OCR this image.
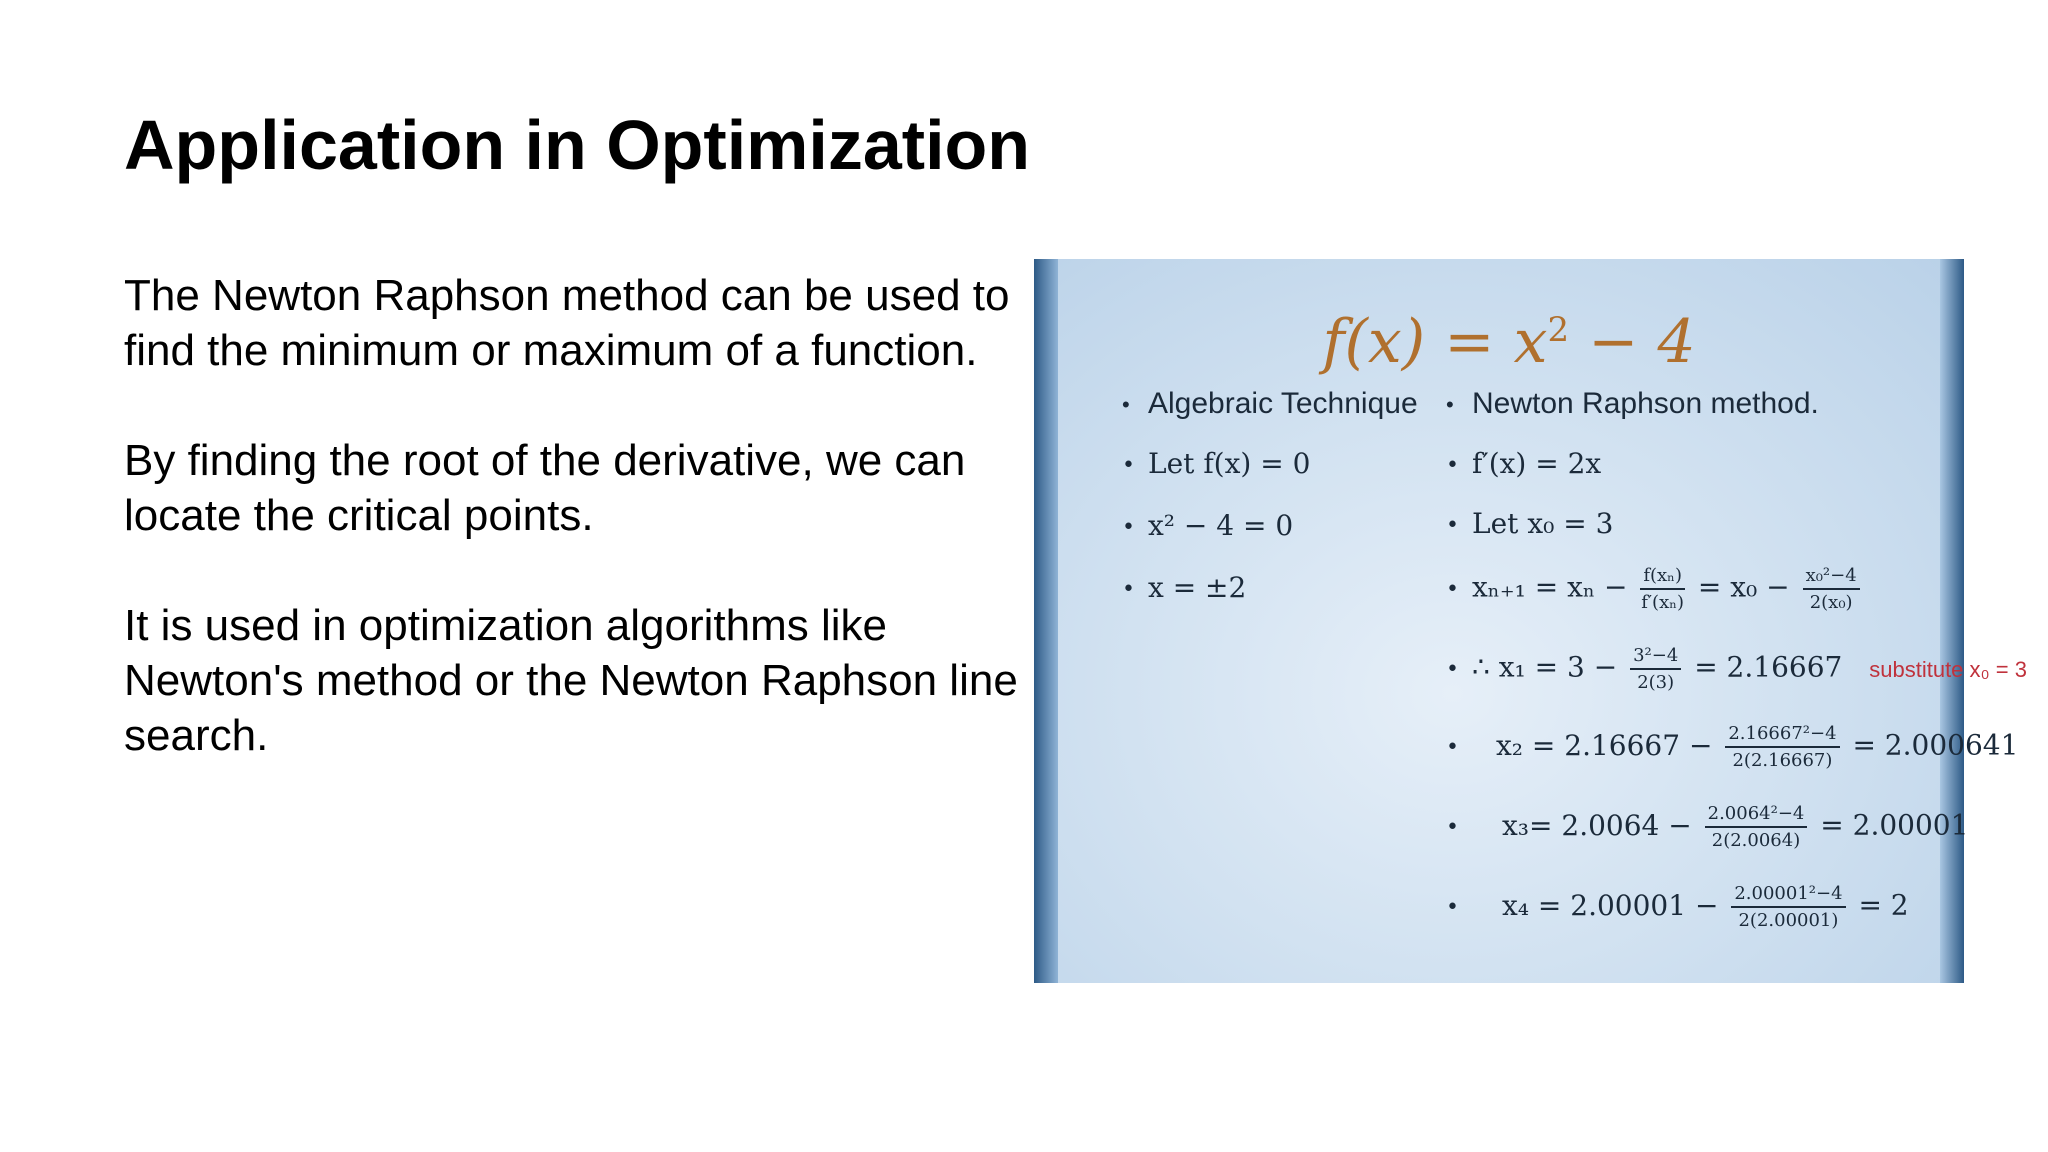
Application in Optimization

The Newton Raphson method can be used to find the minimum or maximum of a function.

By finding the root of the derivative, we can locate the critical points.

It is used in optimization algorithms like Newton's method or the Newton Raphson line search.

$f(x) = x^2 - 4$
• Algebraic Technique
• Let f(x) = 0
• x² − 4 = 0
• x = ±2
• Newton Raphson method.
• f′(x) = 2x
• Let x₀ = 3
• $x_{n+1} = x_n - \frac{\text{f(xₙ)}}{\text{f′(xₙ)}} = x_0 - \frac{\text{x₀²−4}}{\text{2(x₀)}}$
• ∴ $x_1 = 3 - \frac{\text{3²−4}}{2(3)} = 2.16667$ substitute x₀ = 3
• $x_2 = 2.16667 - \frac{\text{2.16667²−4}}{2(2.16667)} = 2.000641$
• $x_3= 2.0064 - \frac{\text{2.0064²−4}}{2(2.0064)} = 2.00001$
• $x_4 = 2.00001 - \frac{\text{2.00001²−4}}{2(2.00001)} = 2$
